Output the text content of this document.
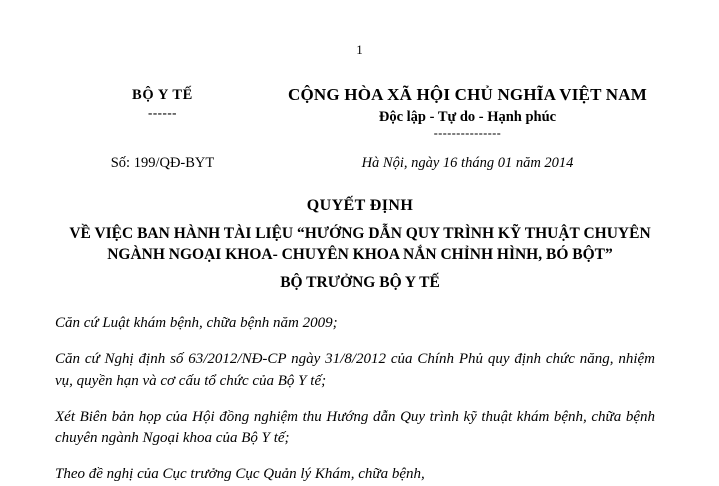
1
BỘ Y TẾ
------
CỘNG HÒA XÃ HỘI CHỦ NGHĨA VIỆT NAM
Độc lập - Tự do - Hạnh phúc
---------------
Số: 199/QĐ-BYT	Hà Nội, ngày 16 tháng 01 năm 2014
QUYẾT ĐỊNH
VỀ VIỆC BAN HÀNH TÀI LIỆU “HƯỚNG DẪN QUY TRÌNH KỸ THUẬT CHUYÊN
NGÀNH NGOẠI KHOA- CHUYÊN KHOA NẮN CHỈNH HÌNH, BÓ BỘT”
BỘ TRƯỞNG BỘ Y TẾ

Căn cứ Luật khám bệnh, chữa bệnh năm 2009;

Căn cứ Nghị định số 63/2012/NĐ-CP ngày 31/8/2012 của Chính Phủ quy định chức năng, nhiệm vụ, quyền hạn và cơ cấu tổ chức của Bộ Y tế;

Xét Biên bản họp của Hội đồng nghiệm thu Hướng dẫn Quy trình kỹ thuật khám bệnh, chữa bệnh chuyên ngành Ngoại khoa của Bộ Y tế;

Theo đề nghị của Cục trưởng Cục Quản lý Khám, chữa bệnh,
